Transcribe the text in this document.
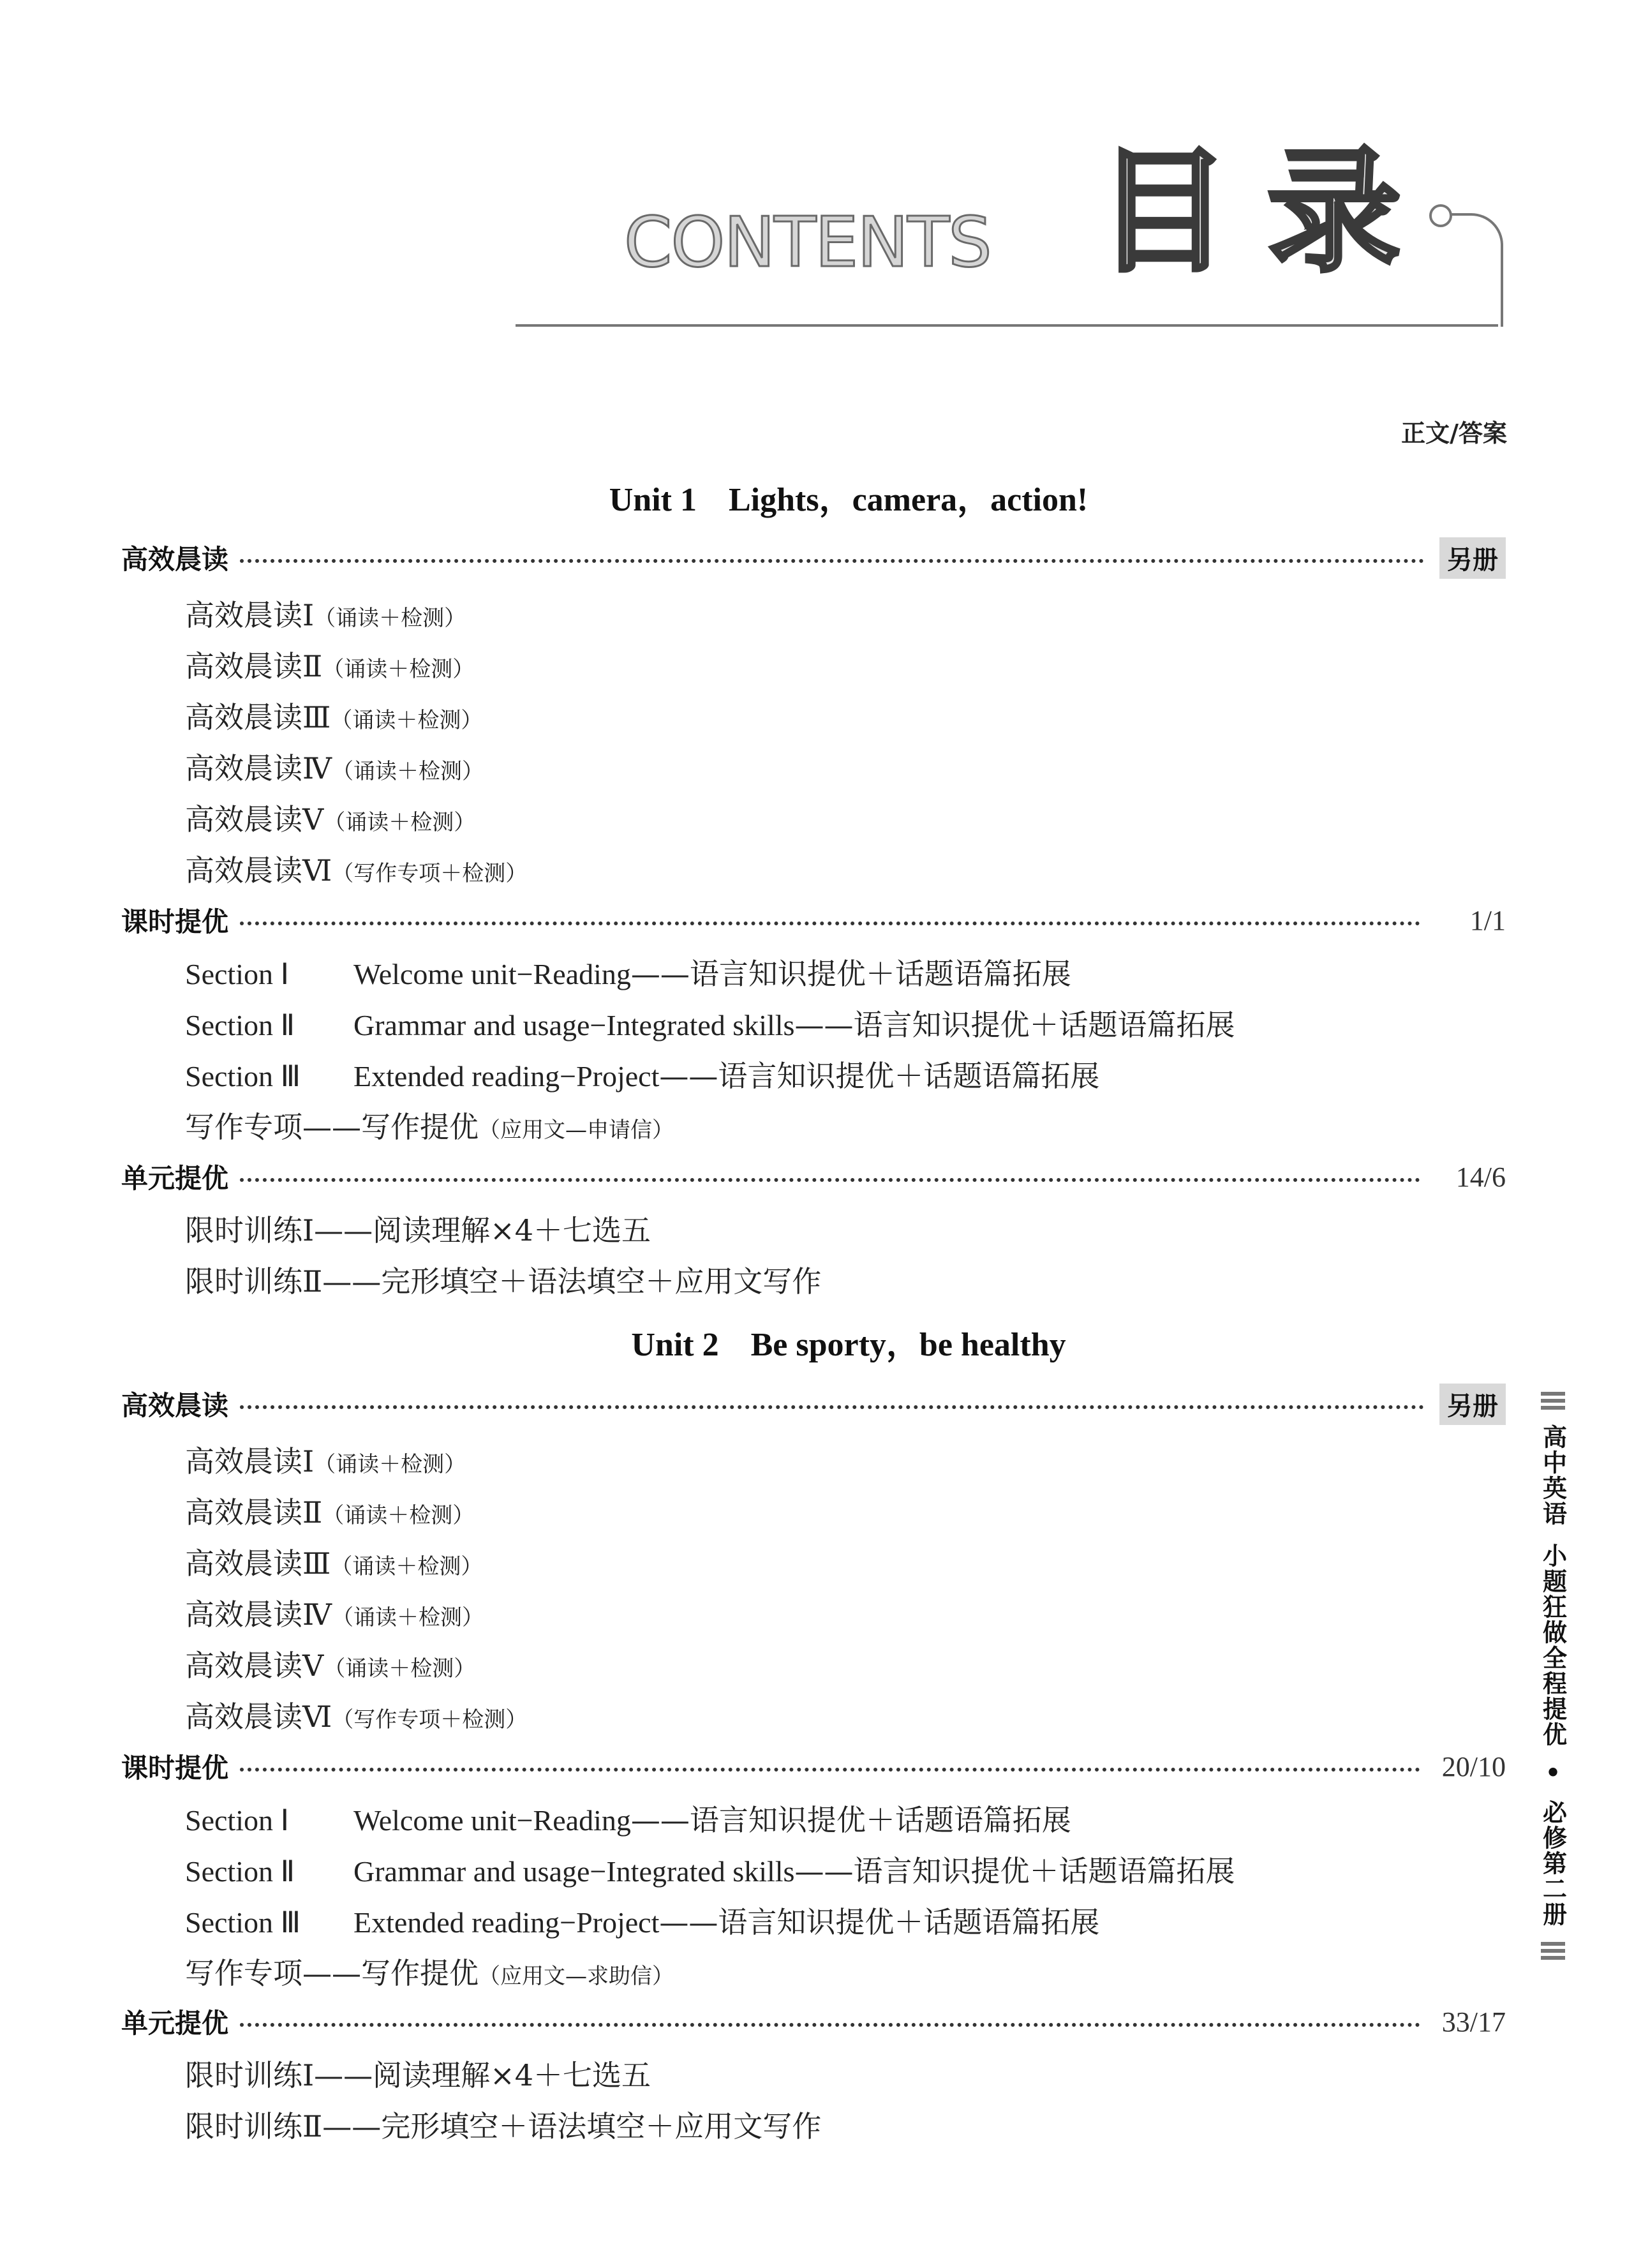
CONTENTS 目 录
正文/答案
Unit 1 Lights，camera，action!
高效晨读	另册
高效晨读Ⅰ（诵读＋检测）
高效晨读Ⅱ（诵读＋检测）
高效晨读Ⅲ（诵读＋检测）
高效晨读Ⅳ（诵读＋检测）
高效晨读Ⅴ（诵读＋检测）
高效晨读Ⅵ（写作专项＋检测）
课时提优	1/1
Section Ⅰ Welcome unit−Reading——语言知识提优＋话题语篇拓展
Section Ⅱ Grammar and usage−Integrated skills——语言知识提优＋话题语篇拓展
Section Ⅲ Extended reading−Project——语言知识提优＋话题语篇拓展
写作专项——写作提优（应用文—申请信）
单元提优	14/6
限时训练Ⅰ——阅读理解×4＋七选五
限时训练Ⅱ——完形填空＋语法填空＋应用文写作
Unit 2 Be sporty，be healthy
高效晨读	另册
高效晨读Ⅰ（诵读＋检测）
高效晨读Ⅱ（诵读＋检测）
高效晨读Ⅲ（诵读＋检测）
高效晨读Ⅳ（诵读＋检测）
高效晨读Ⅴ（诵读＋检测）
高效晨读Ⅵ（写作专项＋检测）
课时提优	20/10
Section Ⅰ Welcome unit−Reading——语言知识提优＋话题语篇拓展
Section Ⅱ Grammar and usage−Integrated skills——语言知识提优＋话题语篇拓展
Section Ⅲ Extended reading−Project——语言知识提优＋话题语篇拓展
写作专项——写作提优（应用文—求助信）
单元提优	33/17
限时训练Ⅰ——阅读理解×4＋七选五
限时训练Ⅱ——完形填空＋语法填空＋应用文写作
高中英语
小题狂做全程提优
•
必修第二册
